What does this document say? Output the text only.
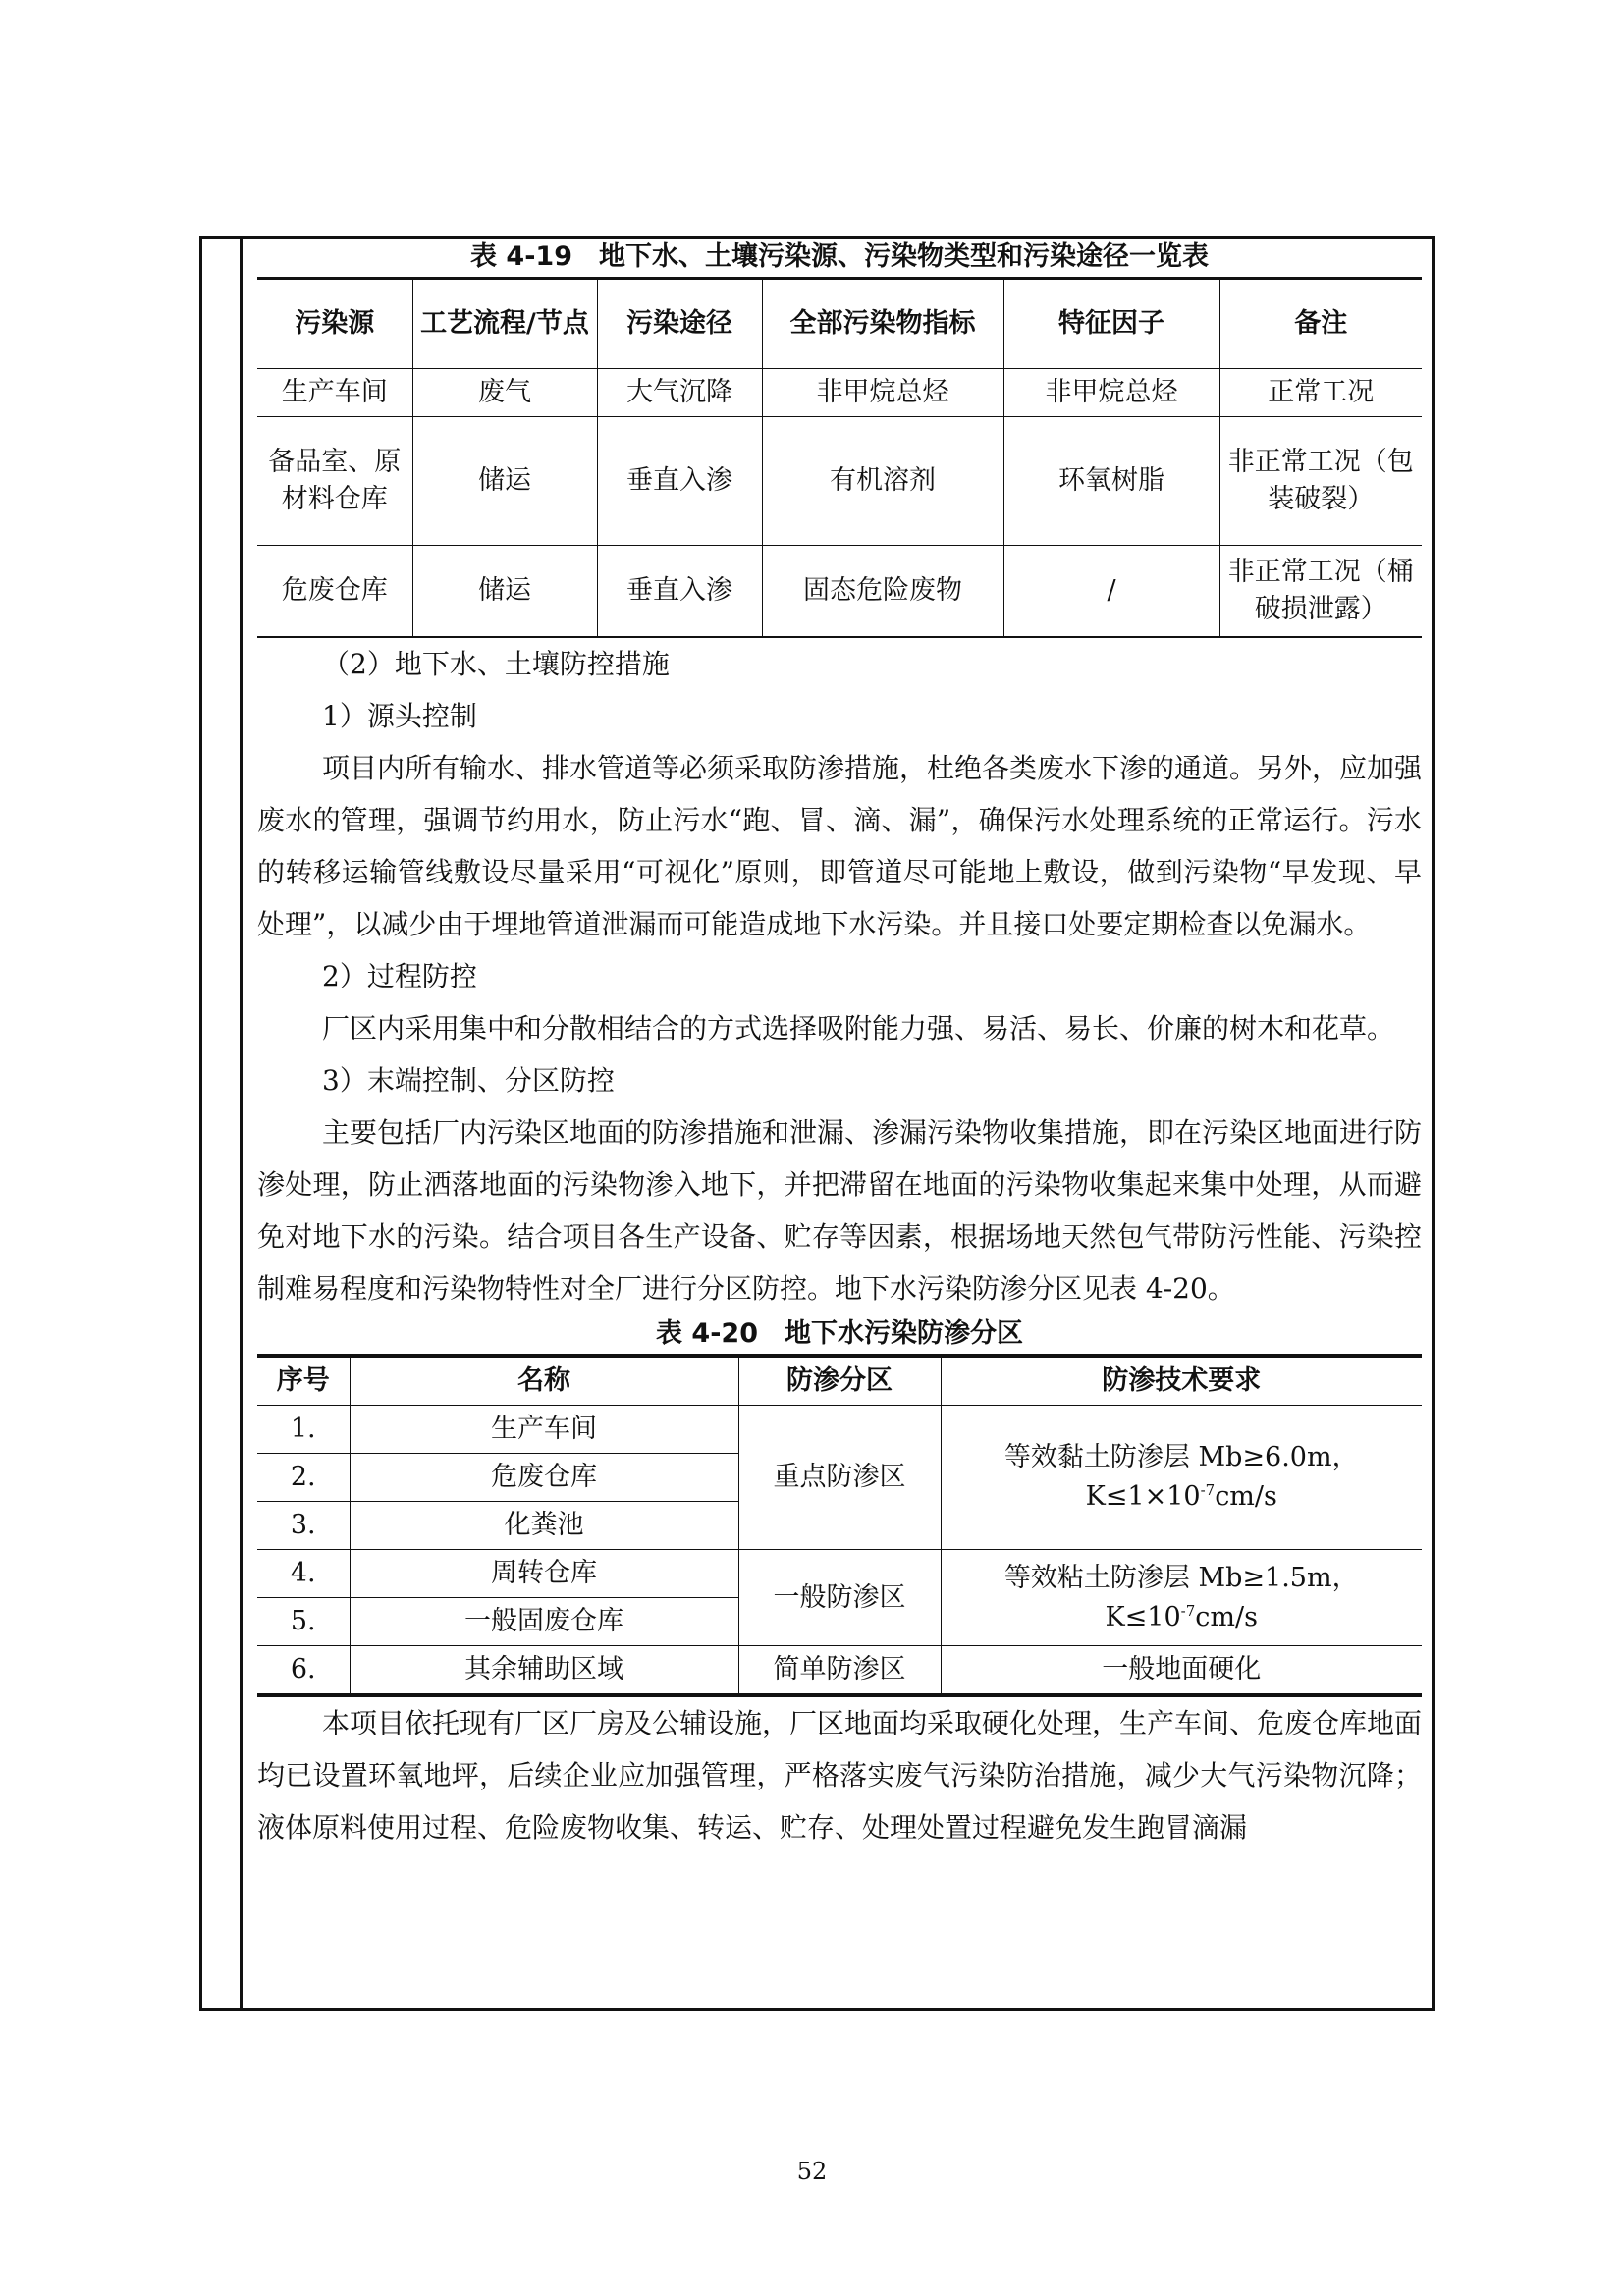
表 4-19　地下水、土壤污染源、污染物类型和污染途径一览表
污染源	工艺流程/节点	污染途径	全部污染物指标	特征因子	备注
生产车间	废气	大气沉降	非甲烷总烃	非甲烷总烃	正常工况
备品室、原材料仓库	储运	垂直入渗	有机溶剂	环氧树脂	非正常工况（包装破裂）
危废仓库	储运	垂直入渗	固态危险废物	/	非正常工况（桶破损泄露）

（2）地下水、土壤防控措施

1）源头控制

项目内所有输水、排水管道等必须采取防渗措施，杜绝各类废水下渗的通道。另外，应加强废水的管理，强调节约用水，防止污水“跑、冒、滴、漏”，确保污水处理系统的正常运行。污水的转移运输管线敷设尽量采用“可视化”原则，即管道尽可能地上敷设，做到污染物“早发现、早处理”，以减少由于埋地管道泄漏而可能造成地下水污染。并且接口处要定期检查以免漏水。

2）过程防控

厂区内采用集中和分散相结合的方式选择吸附能力强、易活、易长、价廉的树木和花草。

3）末端控制、分区防控

主要包括厂内污染区地面的防渗措施和泄漏、渗漏污染物收集措施，即在污染区地面进行防渗处理，防止洒落地面的污染物渗入地下，并把滞留在地面的污染物收集起来集中处理，从而避免对地下水的污染。结合项目各生产设备、贮存等因素，根据场地天然包气带防污性能、污染控制难易程度和污染物特性对全厂进行分区防控。地下水污染防渗分区见表 4-20。

表 4-20　地下水污染防渗分区
序号	名称	防渗分区	防渗技术要求
1.	生产车间	重点防渗区	等效黏土防渗层 Mb≥6.0m，
$K\le 1\times 10^{-7}cm/s$

2.	危废仓库		
3.	化粪池		
4.	周转仓库	一般防渗区	等效粘土防渗层 Mb≥1.5m，
$K\le 10^{-7}cm/s$

5.	一般固废仓库		
6.	其余辅助区域	简单防渗区	一般地面硬化

本项目依托现有厂区厂房及公辅设施，厂区地面均采取硬化处理，生产车间、危废仓库地面均已设置环氧地坪，后续企业应加强管理，严格落实废气污染防治措施，减少大气污染物沉降；液体原料使用过程、危险废物收集、转运、贮存、处理处置过程避免发生跑冒滴漏

52
